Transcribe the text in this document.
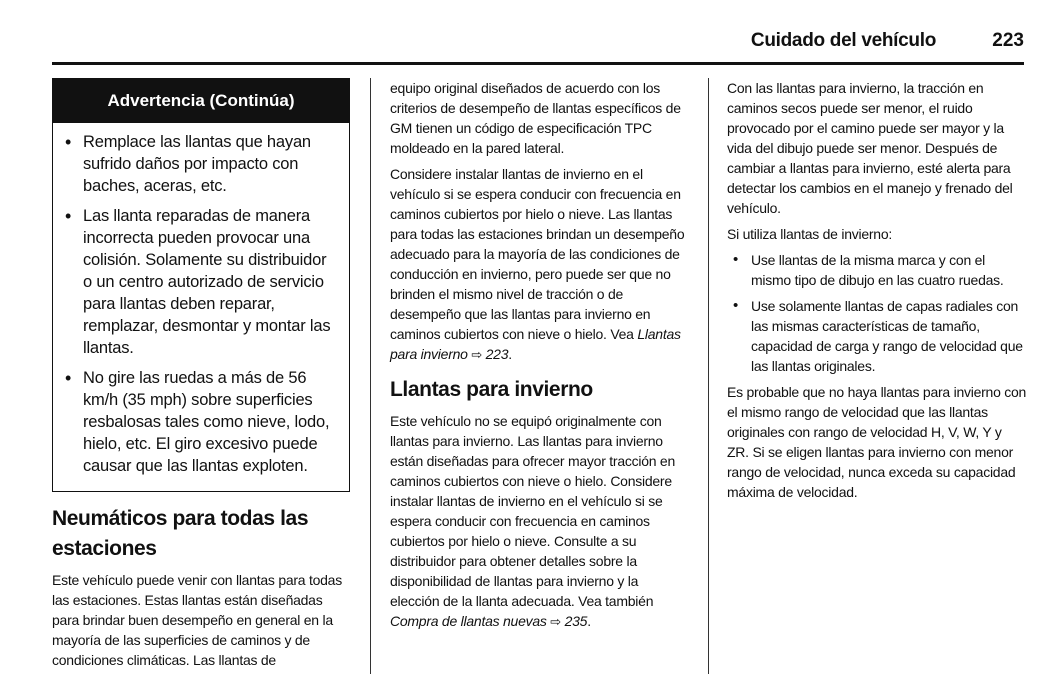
Cuidado del vehículo	223
Advertencia (Continúa)
• Remplace las llantas que hayan sufrido daños por impacto con baches, aceras, etc.
• Las llanta reparadas de manera incorrecta pueden provocar una colisión. Solamente su distribuidor o un centro autorizado de servicio para llantas deben reparar, remplazar, desmontar y montar las llantas.
• No gire las ruedas a más de 56 km/h (35 mph) sobre superficies resbalosas tales como nieve, lodo, hielo, etc. El giro excesivo puede causar que las llantas exploten.
Neumáticos para todas las estaciones

Este vehículo puede venir con llantas para todas las estaciones. Estas llantas están diseñadas para brindar buen desempeño en general en la mayoría de las superficies de caminos y de condiciones climáticas. Las llantas de

equipo original diseñados de acuerdo con los criterios de desempeño de llantas específicos de GM tienen un código de especificación TPC moldeado en la pared lateral.

Considere instalar llantas de invierno en el vehículo si se espera conducir con frecuencia en caminos cubiertos por hielo o nieve. Las llantas para todas las estaciones brindan un desempeño adecuado para la mayoría de las condiciones de conducción en invierno, pero puede ser que no brinden el mismo nivel de tracción o de desempeño que las llantas para invierno en caminos cubiertos con nieve o hielo. Vea Llantas para invierno ⇨ 223.

Llantas para invierno

Este vehículo no se equipó originalmente con llantas para invierno. Las llantas para invierno están diseñadas para ofrecer mayor tracción en caminos cubiertos con nieve o hielo. Considere instalar llantas de invierno en el vehículo si se espera conducir con frecuencia en caminos cubiertos por hielo o nieve. Consulte a su distribuidor para obtener detalles sobre la disponibilidad de llantas para invierno y la elección de la llanta adecuada. Vea también Compra de llantas nuevas ⇨ 235.

Con las llantas para invierno, la tracción en caminos secos puede ser menor, el ruido provocado por el camino puede ser mayor y la vida del dibujo puede ser menor. Después de cambiar a llantas para invierno, esté alerta para detectar los cambios en el manejo y frenado del vehículo.

Si utiliza llantas de invierno:

• Use llantas de la misma marca y con el mismo tipo de dibujo en las cuatro ruedas.
• Use solamente llantas de capas radiales con las mismas características de tamaño, capacidad de carga y rango de velocidad que las llantas originales.

Es probable que no haya llantas para invierno con el mismo rango de velocidad que las llantas originales con rango de velocidad H, V, W, Y y ZR. Si se eligen llantas para invierno con menor rango de velocidad, nunca exceda su capacidad máxima de velocidad.
